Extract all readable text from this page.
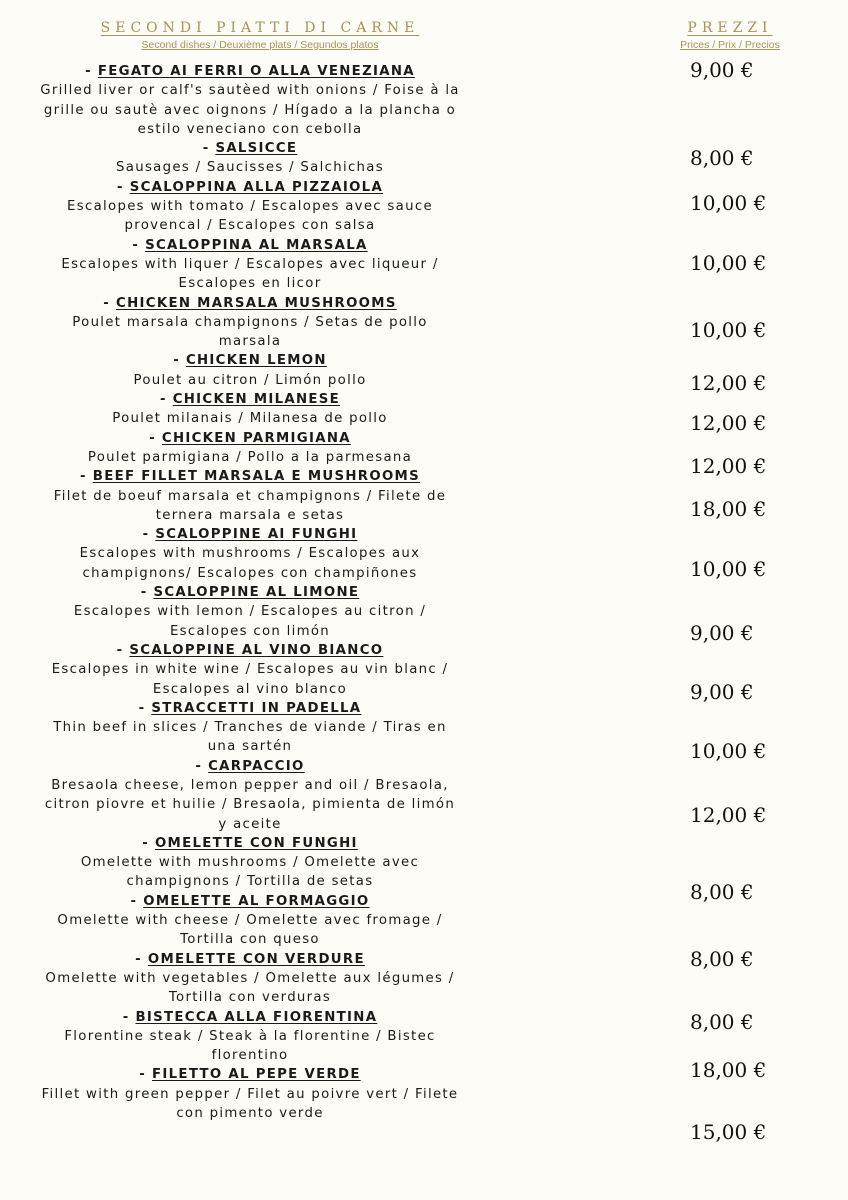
SECONDI PIATTI DI CARNE
Second dishes / Deuxième plats / Segundos platos
PREZZI
Prices / Prix / Precios
- FEGATO AI FERRI O ALLA VENEZIANA
Grilled liver or calf's sautèed with onions / Foise à la grille ou sautè avec oignons / Hígado a la plancha o estilo veneciano con cebolla
- SALSICCE
Sausages / Saucisses / Salchichas
- SCALOPPINA ALLA PIZZAIOLA
Escalopes with tomato / Escalopes avec sauce provencal / Escalopes con salsa
- SCALOPPINA AL MARSALA
Escalopes with liquer / Escalopes avec liqueur / Escalopes en licor
- CHICKEN MARSALA MUSHROOMS
Poulet marsala champignons / Setas de pollo marsala
- CHICKEN LEMON
Poulet au citron / Limón pollo
- CHICKEN MILANESE
Poulet milanais / Milanesa de pollo
- CHICKEN PARMIGIANA
Poulet parmigiana / Pollo a la parmesana
- BEEF FILLET MARSALA E MUSHROOMS
Filet de boeuf marsala et champignons / Filete de ternera marsala e setas
- SCALOPPINE AI FUNGHI
Escalopes with mushrooms / Escalopes aux champignons/ Escalopes con champiñones
- SCALOPPINE AL LIMONE
Escalopes with lemon / Escalopes au citron / Escalopes con limón
- SCALOPPINE AL VINO BIANCO
Escalopes in white wine / Escalopes au vin blanc / Escalopes al vino blanco
- STRACCETTI IN PADELLA
Thin beef in slices / Tranches de viande / Tiras en una sartén
- CARPACCIO
Bresaola cheese, lemon pepper and oil / Bresaola, citron piovre et huilie / Bresaola, pimienta de limón y aceite
- OMELETTE CON FUNGHI
Omelette with mushrooms / Omelette avec champignons / Tortilla de setas
- OMELETTE AL FORMAGGIO
Omelette with cheese / Omelette avec fromage / Tortilla con queso
- OMELETTE CON VERDURE
Omelette with vegetables / Omelette aux légumes / Tortilla con verduras
- BISTECCA ALLA FIORENTINA
Florentine steak / Steak à la florentine / Bistec florentino
- FILETTO AL PEPE VERDE
Fillet with green pepper / Filet au poivre vert / Filete con pimento verde
9,00 €
8,00 €
10,00 €
10,00 €
10,00 €
12,00 €
12,00 €
12,00 €
18,00 €
10,00 €
9,00 €
9,00 €
10,00 €
12,00 €
8,00 €
8,00 €
8,00 €
18,00 €
15,00 €
